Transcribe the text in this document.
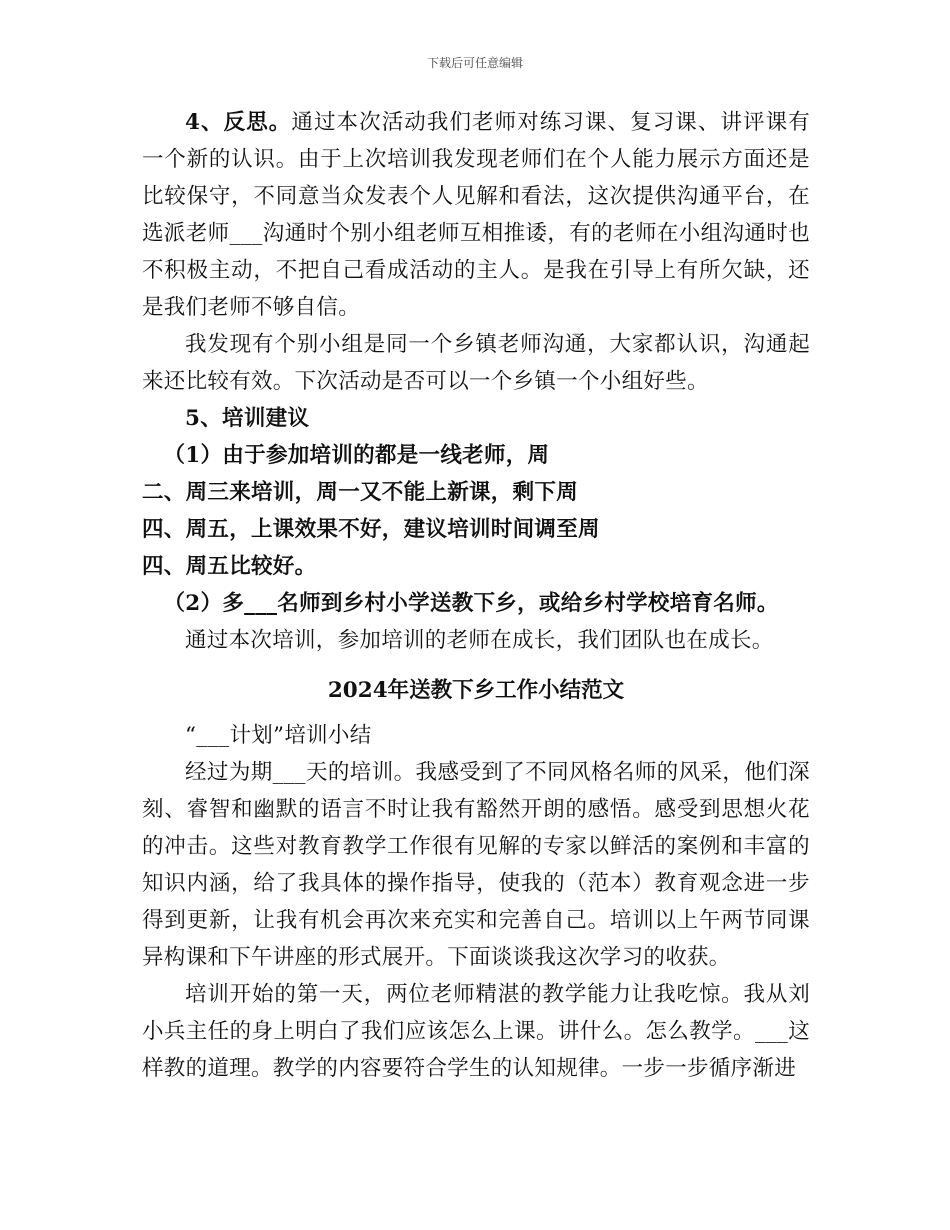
下载后可任意编辑

4、反思。通过本次活动我们老师对练习课、复习课、讲评课有一个新的认识。由于上次培训我发现老师们在个人能力展示方面还是比较保守，不同意当众发表个人见解和看法，这次提供沟通平台，在选派老师___沟通时个别小组老师互相推诿，有的老师在小组沟通时也不积极主动，不把自己看成活动的主人。是我在引导上有所欠缺，还是我们老师不够自信。

我发现有个别小组是同一个乡镇老师沟通，大家都认识，沟通起来还比较有效。下次活动是否可以一个乡镇一个小组好些。

5、培训建议

（1）由于参加培训的都是一线老师，周

二、周三来培训，周一又不能上新课，剩下周

四、周五，上课效果不好，建议培训时间调至周

四、周五比较好。

（2）多___名师到乡村小学送教下乡，或给乡村学校培育名师。

通过本次培训，参加培训的老师在成长，我们团队也在成长。

2024年送教下乡工作小结范文

“___计划”培训小结

经过为期___天的培训。我感受到了不同风格名师的风采，他们深刻、睿智和幽默的语言不时让我有豁然开朗的感悟。感受到思想火花的冲击。这些对教育教学工作很有见解的专家以鲜活的案例和丰富的知识内涵，给了我具体的操作指导，使我的（范本）教育观念进一步得到更新，让我有机会再次来充实和完善自己。培训以上午两节同课异构课和下午讲座的形式展开。下面谈谈我这次学习的收获。

培训开始的第一天，两位老师精湛的教学能力让我吃惊。我从刘小兵主任的身上明白了我们应该怎么上课。讲什么。怎么教学。___这样教的道理。教学的内容要符合学生的认知规律。一步一步循序渐进
